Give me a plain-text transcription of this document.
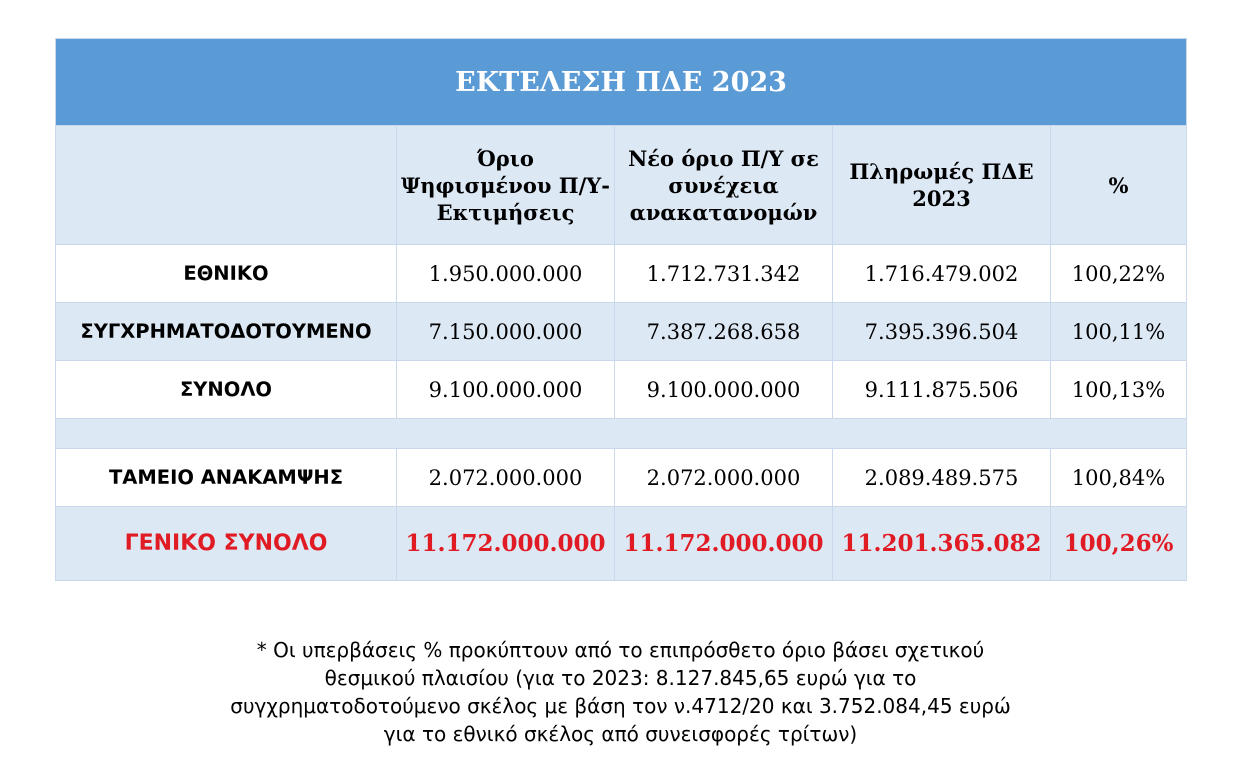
ΕΚΤΕΛΕΣΗ ΠΔΕ 2023				
	Όριο Ψηφισμένου Π/Υ- Εκτιμήσεις	Νέο όριο Π/Υ σε συνέχεια ανακατανομών	Πληρωμές ΠΔΕ 2023	%
ΕΘΝΙΚΟ	1.950.000.000	1.712.731.342	1.716.479.002	100,22%
ΣΥΓΧΡΗΜΑΤΟΔΟΤΟΥΜΕΝΟ	7.150.000.000	7.387.268.658	7.395.396.504	100,11%
ΣΥΝΟΛΟ	9.100.000.000	9.100.000.000	9.111.875.506	100,13%

ΤΑΜΕΙΟ ΑΝΑΚΑΜΨΗΣ	2.072.000.000	2.072.000.000	2.089.489.575	100,84%
ΓΕΝΙΚΟ ΣΥΝΟΛΟ	11.172.000.000	11.172.000.000	11.201.365.082	100,26%
* Οι υπερβάσεις % προκύπτουν από το επιπρόσθετο όριο βάσει σχετικού
θεσμικού πλαισίου (για το 2023: 8.127.845,65 ευρώ για το
συγχρηματοδοτούμενο σκέλος με βάση τον ν.4712/20 και 3.752.084,45 ευρώ
για το εθνικό σκέλος από συνεισφορές τρίτων)
